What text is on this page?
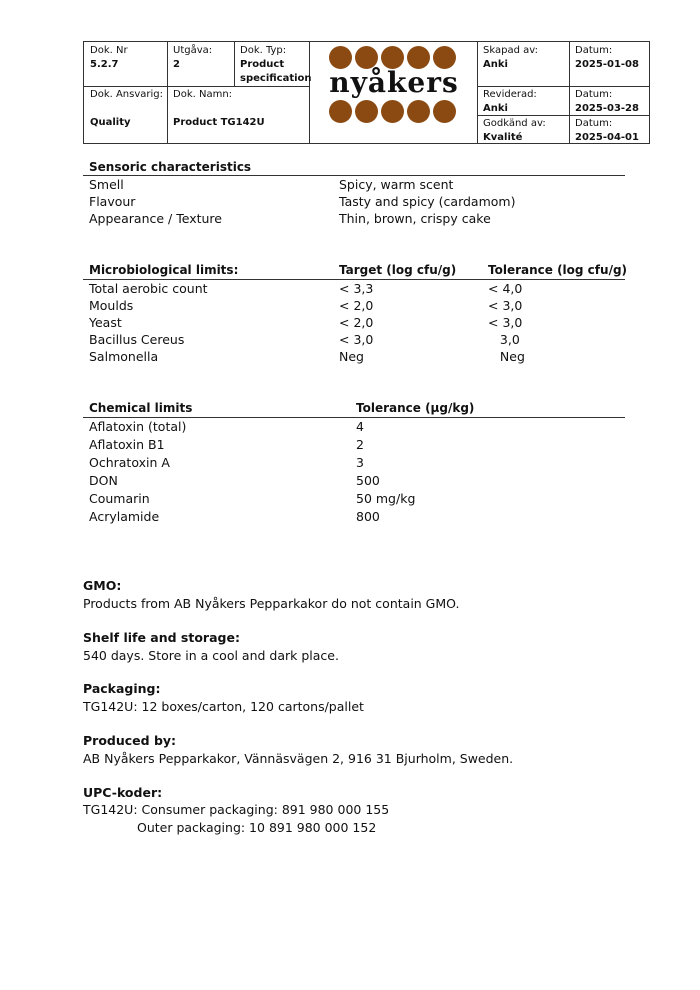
Dok. Nr
5.2.7
Utgåva:
2
Dok. Typ:
Product
specification
Dok. Ansvarig:
Quality
Dok. Namn:
Product TG142U
nyåkers
Skapad av:
Anki
Datum:
2025-01-08
Reviderad:
Anki
Datum:
2025-03-28
Godkänd av:
Kvalité
Datum:
2025-04-01
Sensoric characteristics
Smell	Spicy, warm scent
Flavour	Tasty and spicy (cardamom)
Appearance / Texture	Thin, brown, crispy cake
Microbiological limits:	Target (log cfu/g)	Tolerance (log cfu/g)
Total aerobic count	< 3,3	< 4,0
Moulds	< 2,0	< 3,0
Yeast	< 2,0	< 3,0
Bacillus Cereus	< 3,0	3,0
Salmonella	Neg	Neg
Chemical limits	Tolerance (µg/kg)
Aflatoxin (total)	4
Aflatoxin B1	2
Ochratoxin A	3
DON	500
Coumarin	50 mg/kg
Acrylamide	800
GMO:
Products from AB Nyåkers Pepparkakor do not contain GMO.
Shelf life and storage:
540 days. Store in a cool and dark place.
Packaging:
TG142U: 12 boxes/carton, 120 cartons/pallet
Produced by:
AB Nyåkers Pepparkakor, Vännäsvägen 2, 916 31 Bjurholm, Sweden.
UPC-koder:
TG142U: Consumer packaging: 891 980 000 155
Outer packaging: 10 891 980 000 152
